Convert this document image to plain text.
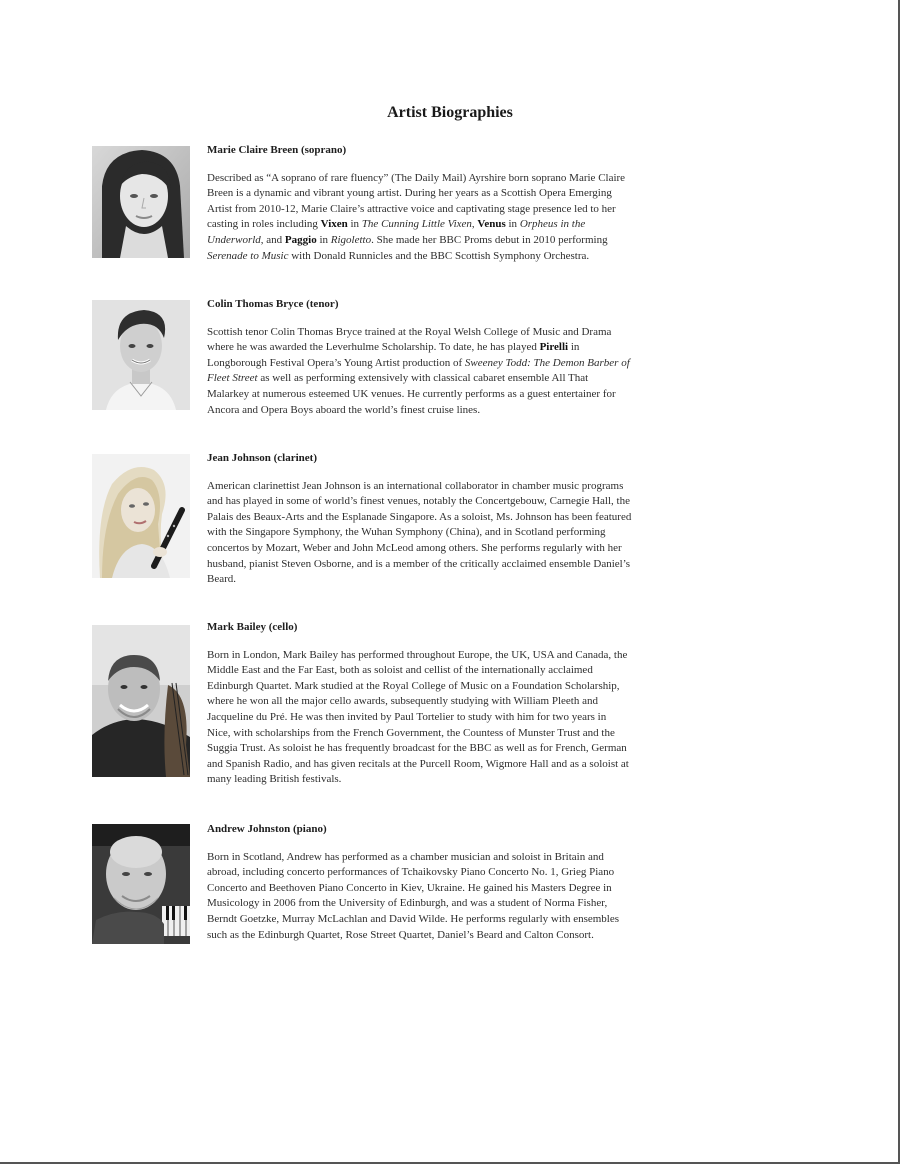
Artist Biographies

Marie Claire Breen (soprano)

Described as “A soprano of rare fluency” (The Daily Mail) Ayrshire born soprano Marie Claire Breen is a dynamic and vibrant young artist. During her years as a Scottish Opera Emerging Artist from 2010-12, Marie Claire’s attractive voice and captivating stage presence led to her casting in roles including Vixen in The Cunning Little Vixen, Venus in Orpheus in the Underworld, and Paggio in Rigoletto. She made her BBC Proms debut in 2010 performing Serenade to Music with Donald Runnicles and the BBC Scottish Symphony Orchestra.

Colin Thomas Bryce (tenor)

Scottish tenor Colin Thomas Bryce trained at the Royal Welsh College of Music and Drama where he was awarded the Leverhulme Scholarship. To date, he has played Pirelli in Longborough Festival Opera’s Young Artist production of Sweeney Todd: The Demon Barber of Fleet Street as well as performing extensively with classical cabaret ensemble All That Malarkey at numerous esteemed UK venues. He currently performs as a guest entertainer for Ancora and Opera Boys aboard the world’s finest cruise lines.

Jean Johnson (clarinet)

American clarinettist Jean Johnson is an international collaborator in chamber music programs and has played in some of world’s finest venues, notably the Concertgebouw, Carnegie Hall, the Palais des Beaux-Arts and the Esplanade Singapore. As a soloist, Ms. Johnson has been featured with the Singapore Symphony, the Wuhan Symphony (China), and in Scotland performing concertos by Mozart, Weber and John McLeod among others. She performs regularly with her husband, pianist Steven Osborne, and is a member of the critically acclaimed ensemble Daniel’s Beard.

Mark Bailey (cello)

Born in London, Mark Bailey has performed throughout Europe, the UK, USA and Canada, the Middle East and the Far East, both as soloist and cellist of the internationally acclaimed Edinburgh Quartet. Mark studied at the Royal College of Music on a Foundation Scholarship, where he won all the major cello awards, subsequently studying with William Pleeth and Jacqueline du Pré. He was then invited by Paul Tortelier to study with him for two years in Nice, with scholarships from the French Government, the Countess of Munster Trust and the Suggia Trust. As soloist he has frequently broadcast for the BBC as well as for French, German and Spanish Radio, and has given recitals at the Purcell Room, Wigmore Hall and as a soloist at many leading British festivals.

Andrew Johnston (piano)

Born in Scotland, Andrew has performed as a chamber musician and soloist in Britain and abroad, including concerto performances of Tchaikovsky Piano Concerto No. 1, Grieg Piano Concerto and Beethoven Piano Concerto in Kiev, Ukraine. He gained his Masters Degree in Musicology in 2006 from the University of Edinburgh, and was a student of Norma Fisher, Berndt Goetzke, Murray McLachlan and David Wilde. He performs regularly with ensembles such as the Edinburgh Quartet, Rose Street Quartet, Daniel’s Beard and Calton Consort.
